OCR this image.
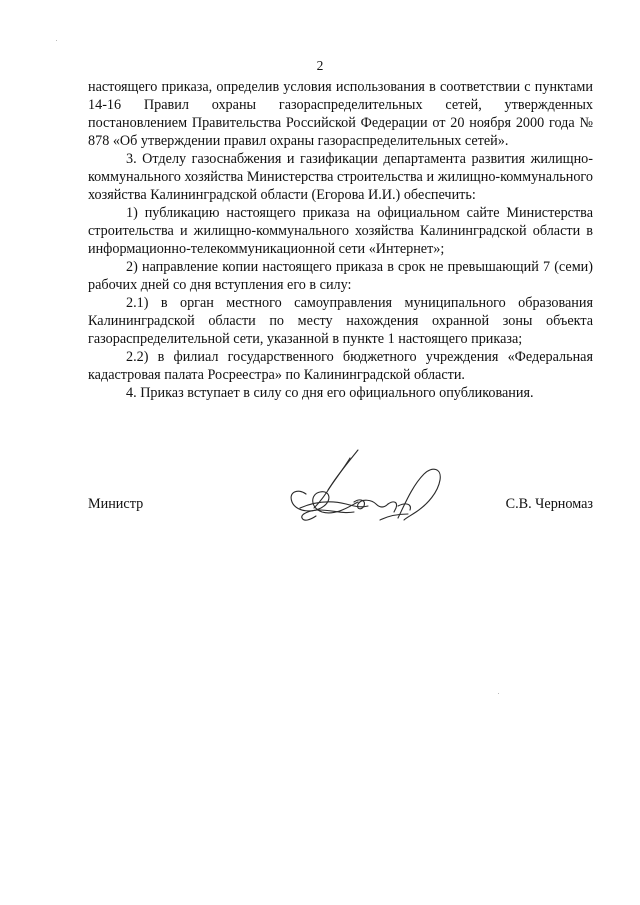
2

настоящего приказа, определив условия использования в соответствии с пунктами 14-16 Правил охраны газораспределительных сетей, утвержденных постановлением Правительства Российской Федерации от 20 ноября 2000 года № 878 «Об утверждении правил охраны газораспределительных сетей».

3. Отделу газоснабжения и газификации департамента развития жилищно-коммунального хозяйства Министерства строительства и жилищно-коммунального хозяйства Калининградской области (Егорова И.И.) обеспечить:

1) публикацию настоящего приказа на официальном сайте Министерства строительства и жилищно-коммунального хозяйства Калининградской области в информационно-телекоммуникационной сети «Интернет»;

2) направление копии настоящего приказа в срок не превышающий 7 (семи) рабочих дней со дня вступления его в силу:

2.1) в орган местного самоуправления муниципального образования Калининградской области по месту нахождения охранной зоны объекта газораспределительной сети, указанной в пункте 1 настоящего приказа;

2.2) в филиал государственного бюджетного учреждения «Федеральная кадастровая палата Росреестра» по Калининградской области.

4. Приказ вступает в силу со дня его официального опубликования.

Министр	С.В. Черномаз
